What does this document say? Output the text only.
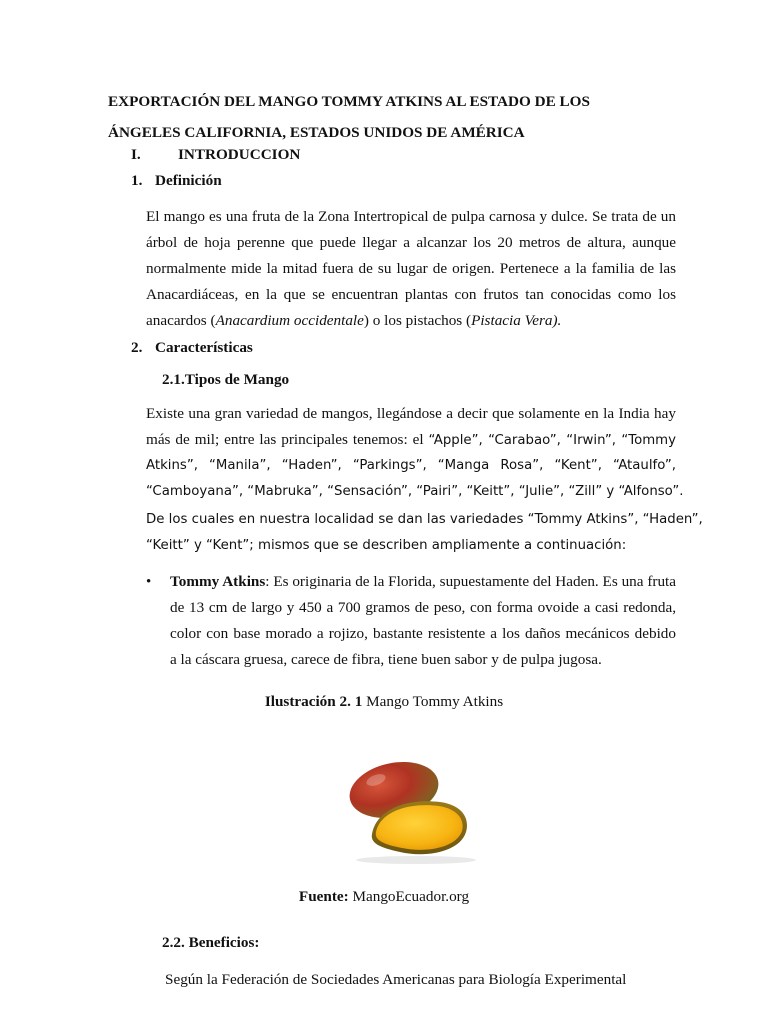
EXPORTACIÓN DEL MANGO TOMMY ATKINS AL ESTADO DE LOS
ÁNGELES CALIFORNIA, ESTADOS UNIDOS DE AMÉRICA
I. INTRODUCCION
1. Definición
El mango es una fruta de la Zona Intertropical de pulpa carnosa y dulce. Se trata de un
árbol de hoja perenne que puede llegar a alcanzar los 20 metros de altura, aunque
normalmente mide la mitad fuera de su lugar de origen. Pertenece a la familia de las
Anacardiáceas, en la que se encuentran plantas con frutos tan conocidas como los
anacardos (Anacardium occidentale) o los pistachos (Pistacia Vera).
2. Características
2.1.Tipos de Mango
Existe una gran variedad de mangos, llegándose a decir que solamente en la India hay
más de mil; entre las principales tenemos: el “Apple”, “Carabao”, “Irwin”, “Tommy
Atkins”, “Manila”, “Haden”, “Parkings”, “Manga Rosa”, “Kent”, “Ataulfo”,
“Camboyana”, “Mabruka”, “Sensación”, “Pairi”, “Keitt”, “Julie”, “Zill” y “Alfonso”.
De los cuales en nuestra localidad se dan las variedades “Tommy Atkins”, “Haden”,
“Keitt” y “Kent”; mismos que se describen ampliamente a continuación:
• Tommy Atkins: Es originaria de la Florida, supuestamente del Haden. Es una fruta
de 13 cm de largo y 450 a 700 gramos de peso, con forma ovoide a casi redonda,
color con base morado a rojizo, bastante resistente a los daños mecánicos debido
a la cáscara gruesa, carece de fibra, tiene buen sabor y de pulpa jugosa.
Ilustración 2. 1 Mango Tommy Atkins
Fuente: MangoEcuador.org
2.2. Beneficios:
Según la Federación de Sociedades Americanas para Biología Experimental
